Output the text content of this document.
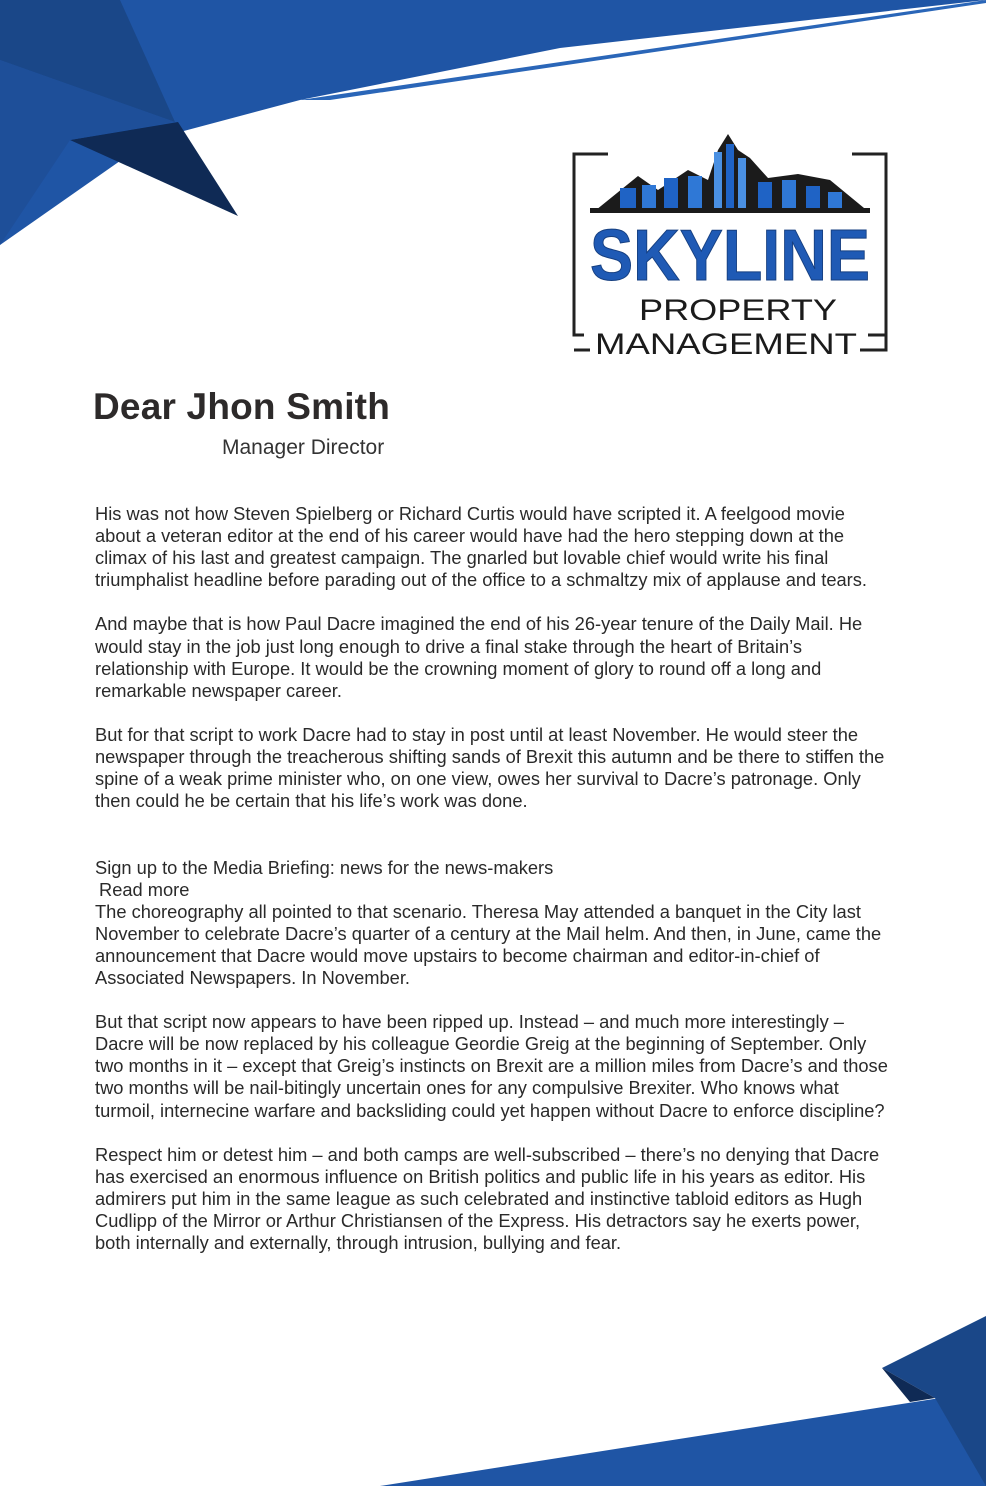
SKYLINE
PROPERTY
MANAGEMENT
Dear Jhon Smith
Manager Director

His was not how Steven Spielberg or Richard Curtis would have scripted it. A feelgood movie about a veteran editor at the end of his career would have had the hero stepping down at the climax of his last and greatest campaign. The gnarled but lovable chief would write his final triumphalist headline before parading out of the office to a schmaltzy mix of applause and tears.

And maybe that is how Paul Dacre imagined the end of his 26-year tenure of the Daily Mail. He would stay in the job just long enough to drive a final stake through the heart of Britain’s relationship with Europe. It would be the crowning moment of glory to round off a long and remarkable newspaper career.

But for that script to work Dacre had to stay in post until at least November. He would steer the newspaper through the treacherous shifting sands of Brexit this autumn and be there to stiffen the spine of a weak prime minister who, on one view, owes her survival to Dacre’s patronage. Only then could he be certain that his life’s work was done.

Sign up to the Media Briefing: news for the news-makers

Read more

The choreography all pointed to that scenario. Theresa May attended a banquet in the City last November to celebrate Dacre’s quarter of a century at the Mail helm. And then, in June, came the announcement that Dacre would move upstairs to become chairman and editor-in-chief of Associated Newspapers. In November.

But that script now appears to have been ripped up. Instead – and much more interestingly – Dacre will be now replaced by his colleague Geordie Greig at the beginning of September. Only two months in it – except that Greig’s instincts on Brexit are a million miles from Dacre’s and those two months will be nail-bitingly uncertain ones for any compulsive Brexiter. Who knows what turmoil, internecine warfare and backsliding could yet happen without Dacre to enforce discipline?

Respect him or detest him – and both camps are well-subscribed – there’s no denying that Dacre has exercised an enormous influence on British politics and public life in his years as editor. His admirers put him in the same league as such celebrated and instinctive tabloid editors as Hugh Cudlipp of the Mirror or Arthur Christiansen of the Express. His detractors say he exerts power, both internally and externally, through intrusion, bullying and fear.
